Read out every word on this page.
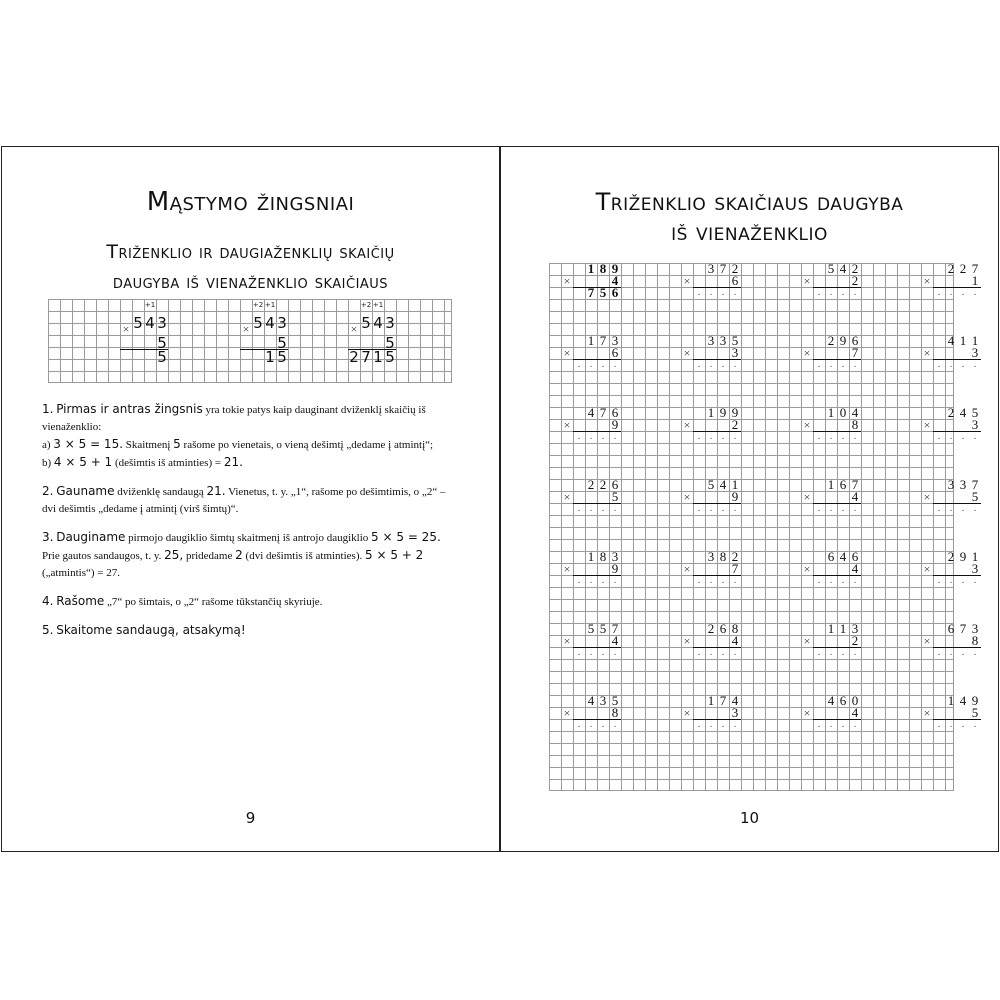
Mąstymo žingsniai
Triženklio ir daugiaženklių skaičių
daugyba iš vienaženklio skaičiaus
×
+1
5 4 3
5
5
×
+2 +1
5 4 3
5
1 5
×
+2 +1
5 4 3
5
2 7 1 5

1. Pirmas ir antras žingsnis yra tokie patys kaip dauginant dviženklį skaičių iš vienaženklio:
a) 3 × 5 = 15. Skaitmenį 5 rašome po vienetais, o vieną dešimtį „dedame į atmintį“;
b) 4 × 5 + 1 (dešimtis iš atminties) = 21.

2. Gauname dviženklę sandaugą 21. Vienetus, t. y. „1“, rašome po dešimtimis, o „2“ – dvi dešimtis „dedame į atmintį (virš šimtų)“.

3. Dauginame pirmojo daugiklio šimtų skaitmenį iš antrojo daugiklio 5 × 5 = 25. Prie gautos sandaugos, t. y. 25, pridedame 2 (dvi dešimtis iš atminties). 5 × 5 + 2 („atmintis“) = 27.

4. Rašome „7“ po šimtais, o „2“ rašome tūkstančių skyriuje.

5. Skaitome sandaugą, atsakymą!

9
Triženklio skaičiaus daugyba
iš vienaženklio
×
1 8 9
4
7 5 6
×
3 7 2
6
. . . .
×
5 4 2
2
. . . .
×
2 2 7
1
. . . .
×
1 7 3
6
. . . .
×
3 3 5
3
. . . .
×
2 9 6
7
. . . .
×
4 1 1
3
. . . .
×
4 7 6
9
. . . .
×
1 9 9
2
. . . .
×
1 0 4
8
. . . .
×
2 4 5
3
. . . .
×
2 2 6
5
. . . .
×
5 4 1
9
. . . .
×
1 6 7
4
. . . .
×
3 3 7
5
. . . .
×
1 8 3
9
. . . .
×
3 8 2
7
. . . .
×
6 4 6
4
. . . .
×
2 9 1
3
. . . .
×
5 5 7
4
. . . .
×
2 6 8
4
. . . .
×
1 1 3
2
. . . .
×
6 7 3
8
. . . .
×
4 3 5
8
. . . .
×
1 7 4
3
. . . .
×
4 6 0
4
. . . .
×
1 4 9
5
. . . .
10
